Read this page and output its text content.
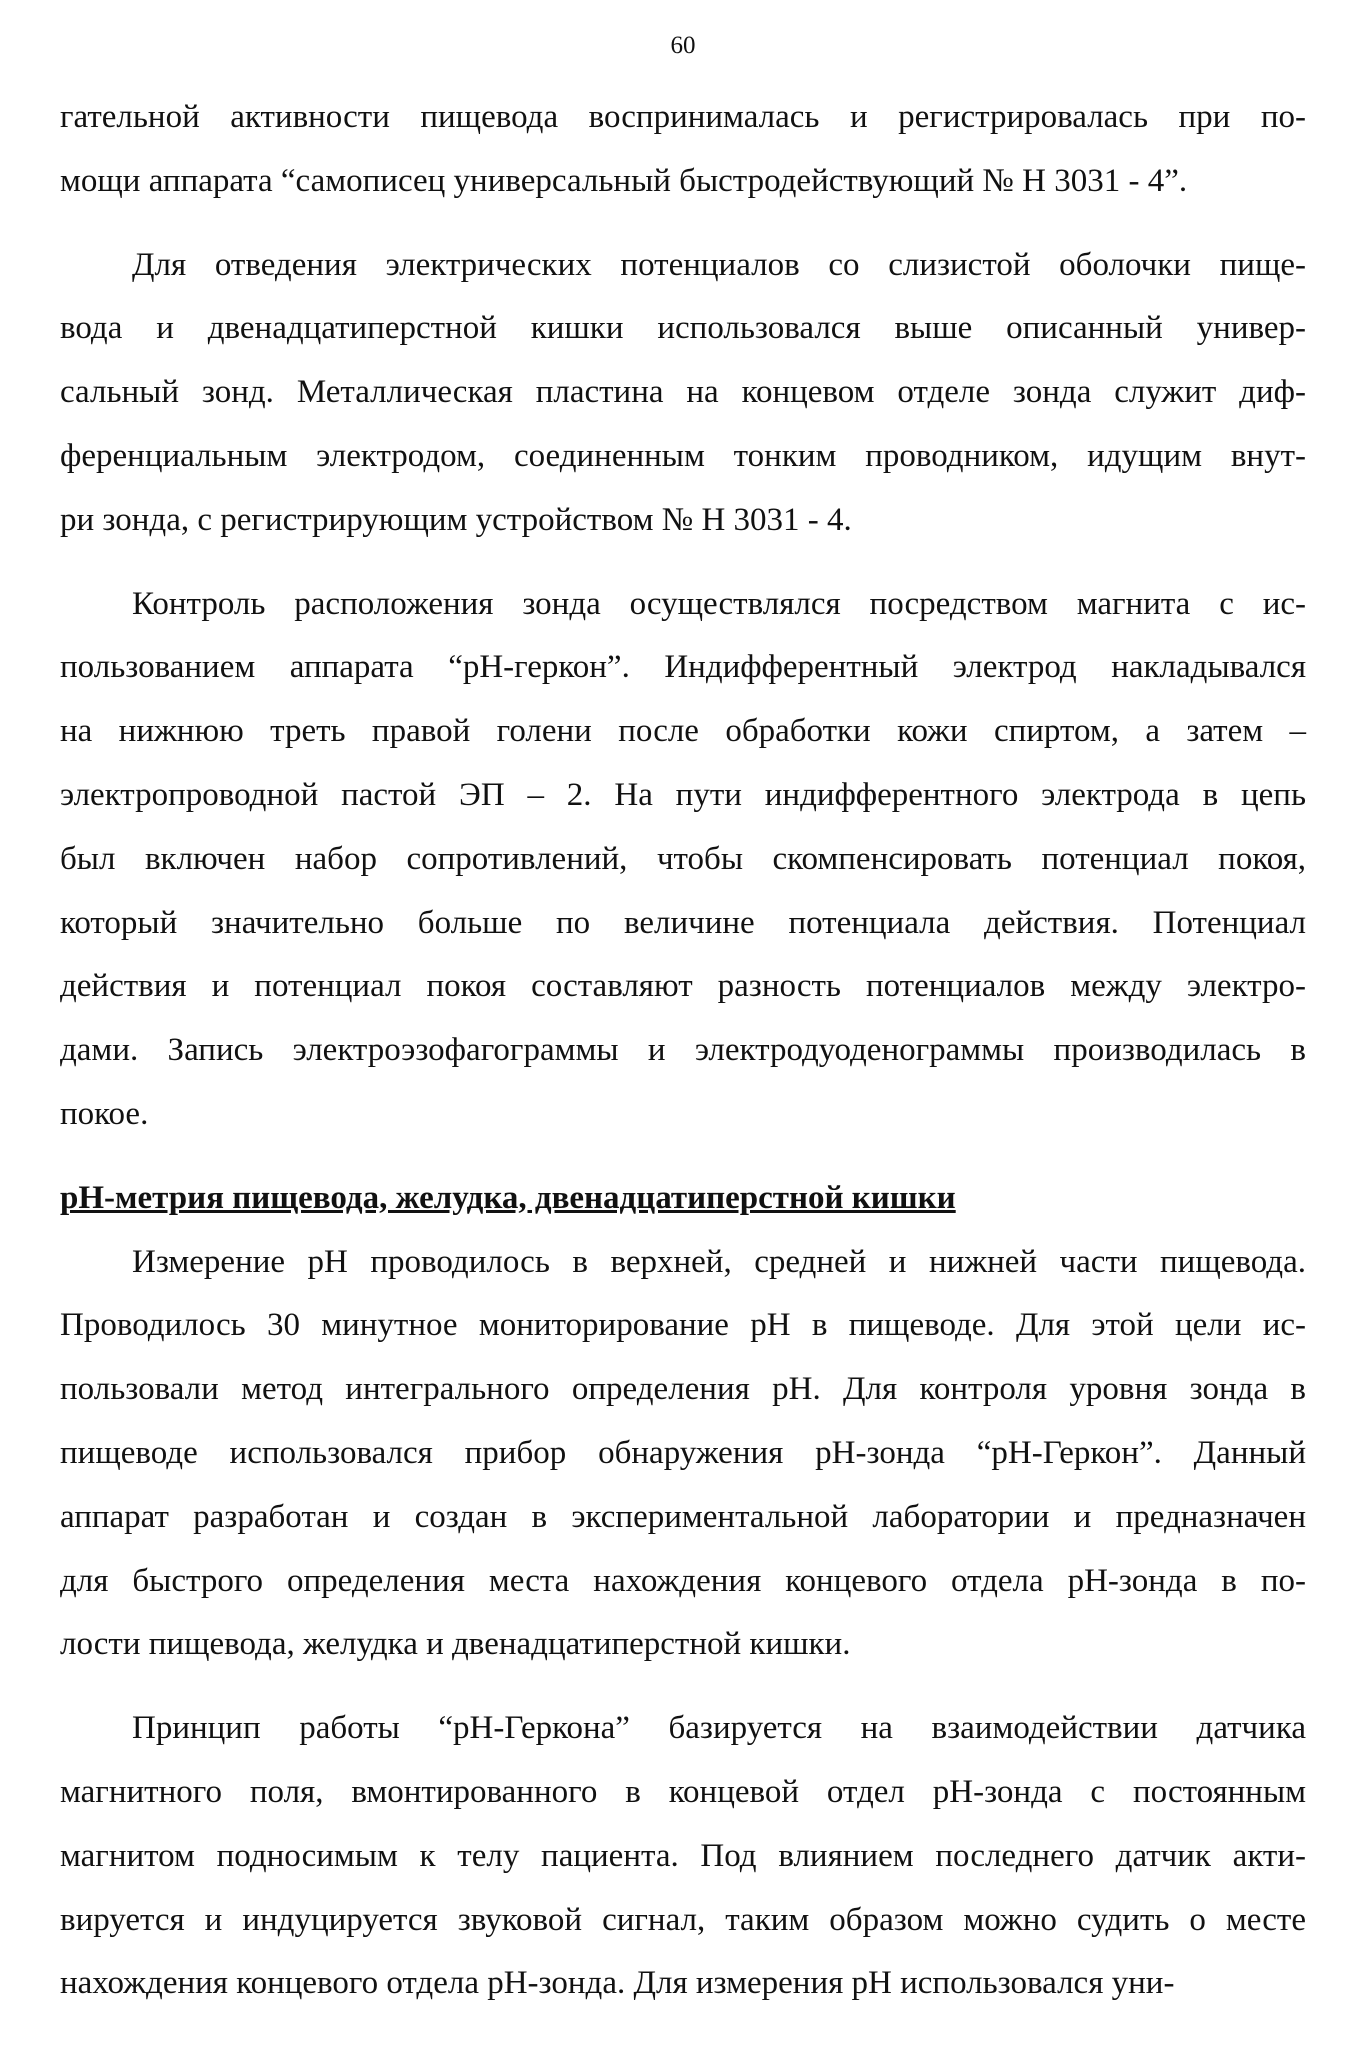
60
гательной активности пищевода воспринималась и регистрировалась при по-
мощи аппарата “самописец универсальный быстродействующий № Н 3031 - 4”.
Для отведения электрических потенциалов со слизистой оболочки пище-
вода и двенадцатиперстной кишки использовался выше описанный универ-
сальный зонд. Металлическая пластина на концевом отделе зонда служит диф-
ференциальным электродом, соединенным тонким проводником, идущим внут-
ри зонда, с регистрирующим устройством № Н 3031 - 4.
Контроль расположения зонда осуществлялся посредством магнита с ис-
пользованием аппарата “рН-геркон”. Индифферентный электрод накладывался
на нижнюю треть правой голени после обработки кожи спиртом, а затем –
электропроводной пастой ЭП – 2. На пути индифферентного электрода в цепь
был включен набор сопротивлений, чтобы скомпенсировать потенциал покоя,
который значительно больше по величине потенциала действия. Потенциал
действия и потенциал покоя составляют разность потенциалов между электро-
дами. Запись электроэзофагограммы и электродуоденограммы производилась в
покое.
рН-метрия пищевода, желудка, двенадцатиперстной кишки
Измерение рН проводилось в верхней, средней и нижней части пищевода.
Проводилось 30 минутное мониторирование рН в пищеводе. Для этой цели ис-
пользовали метод интегрального определения рН. Для контроля уровня зонда в
пищеводе использовался прибор обнаружения рН-зонда “рН-Геркон”. Данный
аппарат разработан и создан в экспериментальной лаборатории и предназначен
для быстрого определения места нахождения концевого отдела рН-зонда в по-
лости пищевода, желудка и двенадцатиперстной кишки.
Принцип работы “рН-Геркона” базируется на взаимодействии датчика
магнитного поля, вмонтированного в концевой отдел рН-зонда с постоянным
магнитом подносимым к телу пациента. Под влиянием последнего датчик акти-
вируется и индуцируется звуковой сигнал, таким образом можно судить о месте
нахождения концевого отдела рН-зонда. Для измерения рН использовался уни-
